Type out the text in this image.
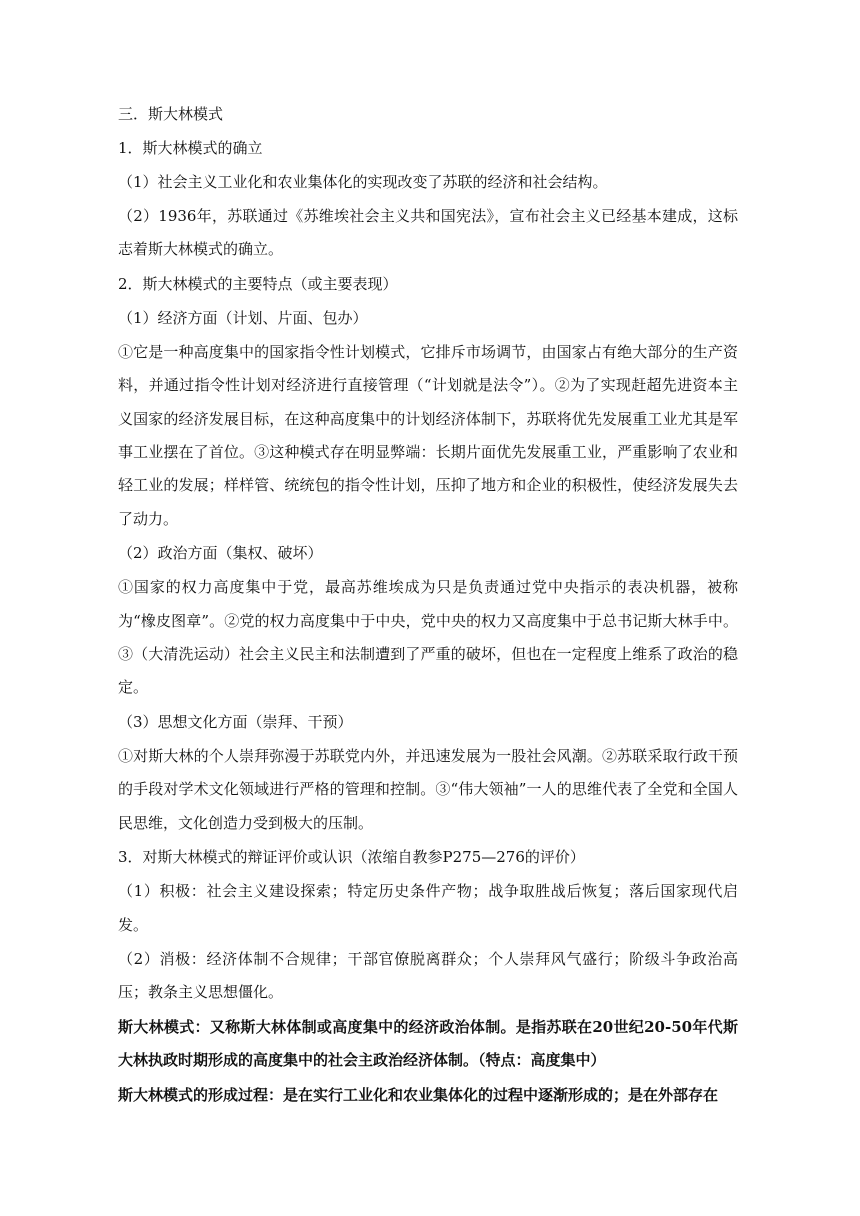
三．斯大林模式

1．斯大林模式的确立

（1）社会主义工业化和农业集体化的实现改变了苏联的经济和社会结构。

（2）1936年，苏联通过《苏维埃社会主义共和国宪法》，宣布社会主义已经基本建成，这标志着斯大林模式的确立。

2．斯大林模式的主要特点（或主要表现）

（1）经济方面（计划、片面、包办）

①它是一种高度集中的国家指令性计划模式，它排斥市场调节，由国家占有绝大部分的生产资料，并通过指令性计划对经济进行直接管理（“计划就是法令”）。②为了实现赶超先进资本主义国家的经济发展目标，在这种高度集中的计划经济体制下，苏联将优先发展重工业尤其是军事工业摆在了首位。③这种模式存在明显弊端：长期片面优先发展重工业，严重影响了农业和轻工业的发展；样样管、统统包的指令性计划，压抑了地方和企业的积极性，使经济发展失去了动力。

（2）政治方面（集权、破坏）

①国家的权力高度集中于党，最高苏维埃成为只是负责通过党中央指示的表决机器，被称为“橡皮图章”。②党的权力高度集中于中央，党中央的权力又高度集中于总书记斯大林手中。③（大清洗运动）社会主义民主和法制遭到了严重的破坏，但也在一定程度上维系了政治的稳定。

（3）思想文化方面（崇拜、干预）

①对斯大林的个人崇拜弥漫于苏联党内外，并迅速发展为一股社会风潮。②苏联采取行政干预的手段对学术文化领域进行严格的管理和控制。③“伟大领袖”一人的思维代表了全党和全国人民思维，文化创造力受到极大的压制。

3．对斯大林模式的辩证评价或认识（浓缩自教参P275—276的评价）

（1）积极：社会主义建设探索；特定历史条件产物；战争取胜战后恢复；落后国家现代启发。

（2）消极：经济体制不合规律；干部官僚脱离群众；个人崇拜风气盛行；阶级斗争政治高压；教条主义思想僵化。

斯大林模式：又称斯大林体制或高度集中的经济政治体制。是指苏联在20世纪20-50年代斯大林执政时期形成的高度集中的社会主政治经济体制。（特点：高度集中）

斯大林模式的形成过程：是在实行工业化和农业集体化的过程中逐渐形成的；是在外部存在
